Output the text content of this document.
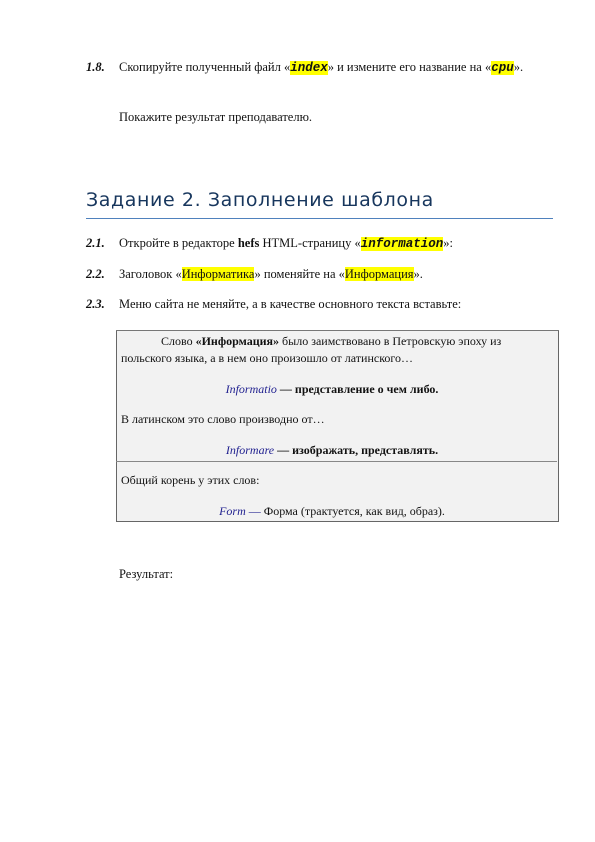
1.8. Скопируйте полученный файл «index» и измените его название на «cpu».
Покажите результат преподавателю.
Задание 2. Заполнение шаблона
2.1. Откройте в редакторе hefs HTML-страницу «information»:
2.2. Заголовок «Информатика» поменяйте на «Информация».
2.3. Меню сайта не меняйте, а в качестве основного текста вставьте:
Слово «Информация» было заимствовано в Петровскую эпоху из польского языка, а в нем оно произошло от латинского…
Informatio — представление о чем либо.
В латинском это слово производно от…
Informare — изображать, представлять.
Общий корень у этих слов:
Form — Форма (трактуется, как вид, образ).
Результат:
